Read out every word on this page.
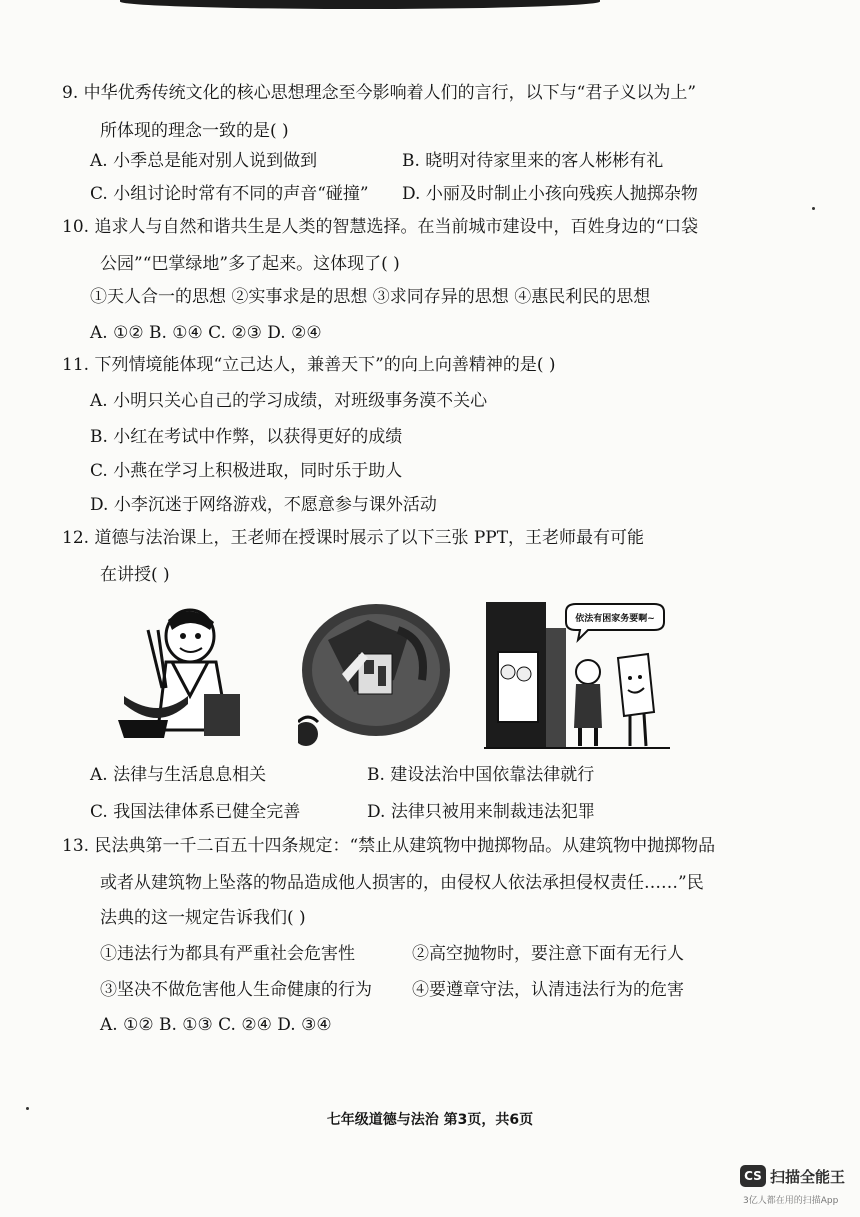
9. 中华优秀传统文化的核心思想理念至今影响着人们的言行，以下与“君子义以为上”
所体现的理念一致的是( )
A. 小季总是能对别人说到做到	B. 晓明对待家里来的客人彬彬有礼
C. 小组讨论时常有不同的声音“碰撞” D. 小丽及时制止小孩向残疾人抛掷杂物
10. 追求人与自然和谐共生是人类的智慧选择。在当前城市建设中，百姓身边的“口袋
公园”“巴掌绿地”多了起来。这体现了( )
①天人合一的思想 ②实事求是的思想 ③求同存异的思想 ④惠民利民的思想
A. ①② B. ①④ C. ②③ D. ②④
11. 下列情境能体现“立己达人，兼善天下”的向上向善精神的是( )
A. 小明只关心自己的学习成绩，对班级事务漠不关心
B. 小红在考试中作弊，以获得更好的成绩
C. 小燕在学习上积极进取，同时乐于助人
D. 小李沉迷于网络游戏，不愿意参与课外活动
12. 道德与法治课上，王老师在授课时展示了以下三张 PPT，王老师最有可能
在讲授( )
依法有困家务要啊~
A. 法律与生活息息相关	B. 建设法治中国依靠法律就行
C. 我国法律体系已健全完善	D. 法律只被用来制裁违法犯罪
13. 民法典第一千二百五十四条规定：“禁止从建筑物中抛掷物品。从建筑物中抛掷物品
或者从建筑物上坠落的物品造成他人损害的，由侵权人依法承担侵权责任……”民
法典的这一规定告诉我们( )
①违法行为都具有严重社会危害性	②高空抛物时，要注意下面有无行人
③坚决不做危害他人生命健康的行为 ④要遵章守法，认清违法行为的危害
A. ①② B. ①③ C. ②④ D. ③④
七年级道德与法治 第3页，共6页
CS 扫描全能王
3亿人都在用的扫描App
